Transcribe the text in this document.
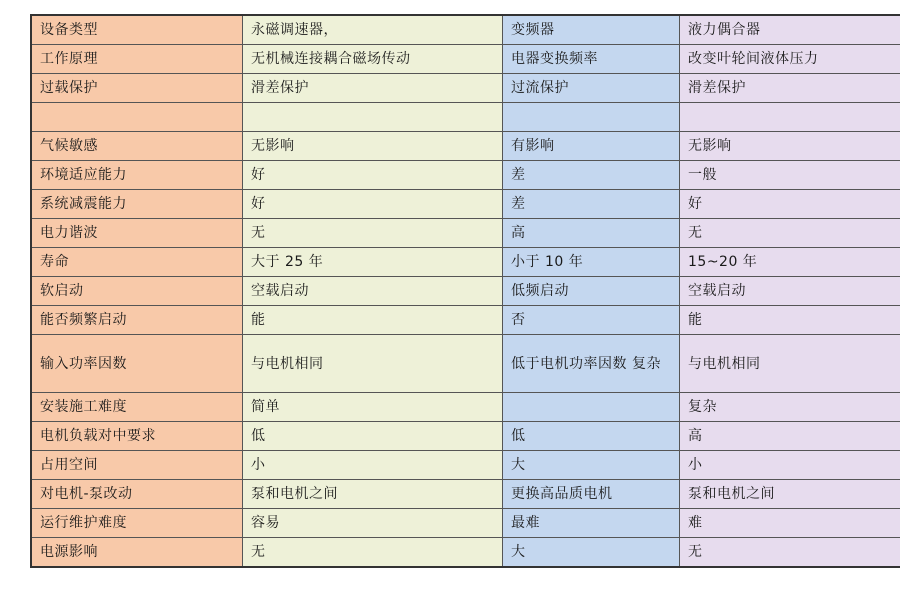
设备类型	永磁调速器，	变频器	液力偶合器

工作原理	无机械连接耦合磁场传动	电器变换频率	改变叶轮间液体压力

过载保护	滑差保护	过流保护	滑差保护

气候敏感	无影响	有影响	无影响

环境适应能力	好	差	一般

系统减震能力	好	差	好

电力谐波	无	高	无

寿命	大于 25 年	小于 10 年	15~20 年

软启动	空载启动	低频启动	空载启动

能否频繁启动	能	否	能

输入功率因数	与电机相同	低于电机功率因数 复杂	与电机相同

安装施工难度	简单		复杂

电机负载对中要求	低	低	高

占用空间	小	大	小

对电机-泵改动	泵和电机之间	更换高品质电机	泵和电机之间

运行维护难度	容易	最难	难

电源影响	无	大	无
